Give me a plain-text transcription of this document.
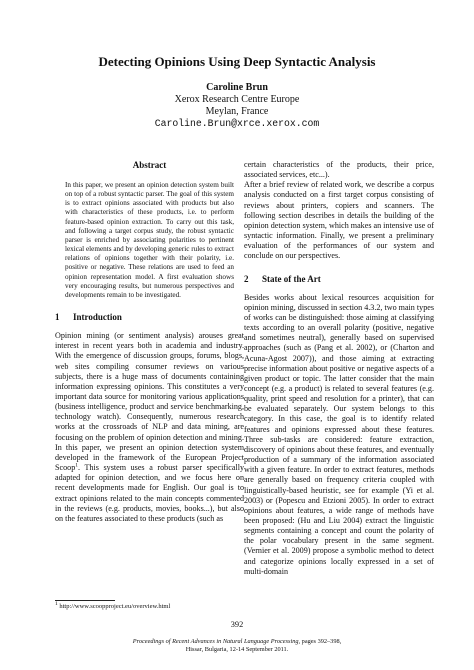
Detecting Opinions Using Deep Syntactic Analysis
Caroline Brun
Xerox Research Centre Europe
Meylan, France
Caroline.Brun@xrce.xerox.com
Abstract
In this paper, we present an opinion detection system built on top of a robust syntactic parser. The goal of this system is to extract opinions associated with products but also with characteristics of these products, i.e. to perform feature-based opinion extraction. To carry out this task, and following a target corpus study, the robust syntactic parser is enriched by associating polarities to pertinent lexical elements and by developing generic rules to extract relations of opinions together with their polarity, i.e. positive or negative. These relations are used to feed an opinion representation model. A first evaluation shows very encouraging results, but numerous perspectives and developments remain to be investigated.
1 Introduction
Opinion mining (or sentiment analysis) arouses great interest in recent years both in academia and industry. With the emergence of discussion groups, forums, blogs, web sites compiling consumer reviews on various subjects, there is a huge mass of documents containing information expressing opinions. This constitutes a very important data source for monitoring various applications (business intelligence, product and service benchmarking, technology watch). Consequently, numerous research works at the crossroads of NLP and data mining, are focusing on the problem of opinion detection and mining. In this paper, we present an opinion detection system developed in the framework of the European Project Scoop$^1$. This system uses a robust parser specifically adapted for opinion detection, and we focus here on recent developments made for English. Our goal is to extract opinions related to the main concepts commented in the reviews (e.g. products, movies, books...), but also on the features associated to these products (such as
certain characteristics of the products, their price, associated services, etc...).
After a brief review of related work, we describe a corpus analysis conducted on a first target corpus consisting of reviews about printers, copiers and scanners. The following section describes in details the building of the opinion detection system, which makes an intensive use of syntactic information. Finally, we present a preliminary evaluation of the performances of our system and conclude on our perspectives.
2 State of the Art
Besides works about lexical resources acquisition for opinion mining, discussed in section 4.3.2, two main types of works can be distinguished: those aiming at classifying texts according to an overall polarity (positive, negative and sometimes neutral), generally based on supervised approaches (such as (Pang et al. 2002), or (Charton and Acuna-Agost 2007)), and those aiming at extracting precise information about positive or negative aspects of a given product or topic. The latter consider that the main concept (e.g. a product) is related to several features (e.g. quality, print speed and resolution for a printer), that can be evaluated separately. Our system belongs to this category. In this case, the goal is to identify related features and opinions expressed about these features. Three sub-tasks are considered: feature extraction, discovery of opinions about these features, and eventually production of a summary of the information associated with a given feature. In order to extract features, methods are generally based on frequency criteria coupled with linguistically-based heuristic, see for example (Yi et al. 2003) or (Popescu and Etzioni 2005). In order to extract opinions about features, a wide range of methods have been proposed: (Hu and Liu 2004) extract the linguistic segments containing a concept and count the polarity of the polar vocabulary present in the same segment. (Vernier et al. 2009) propose a symbolic method to detect and categorize opinions locally expressed in a set of multi-domain
$^1$ http://www.scoopproject.eu/overview.html
392
Proceedings of Recent Advances in Natural Language Processing, pages 392–398,
Hissar, Bulgaria, 12-14 September 2011.
